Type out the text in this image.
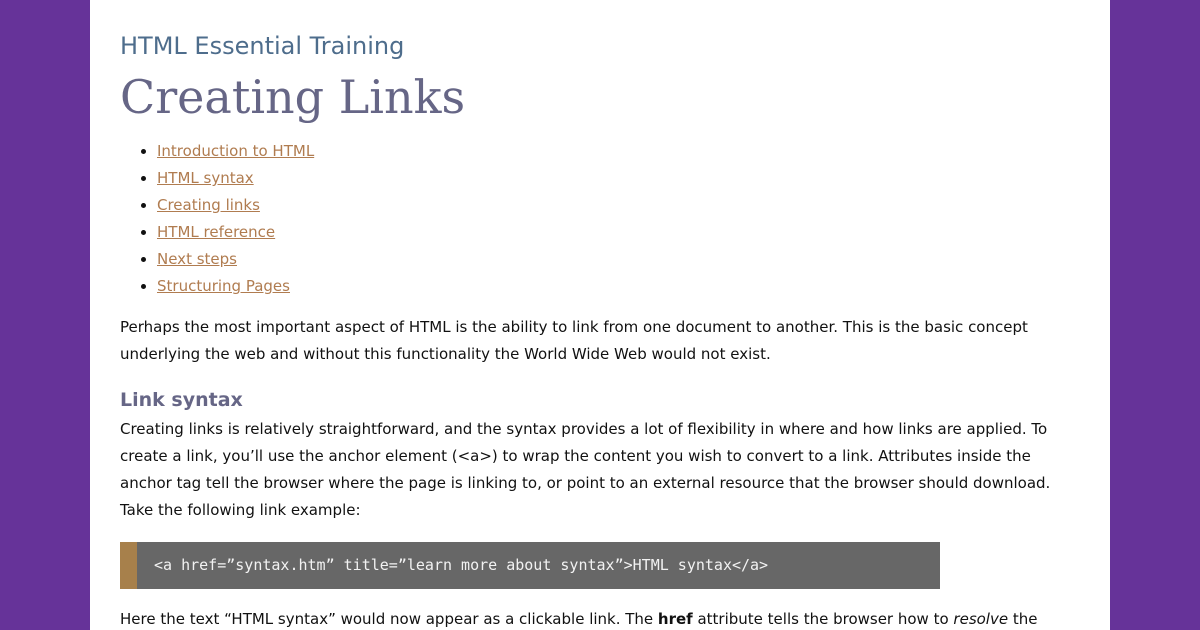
HTML Essential Training
Creating Links
• Introduction to HTML
• HTML syntax
• Creating links
• HTML reference
• Next steps
• Structuring Pages

Perhaps the most important aspect of HTML is the ability to link from one document to another. This is the basic concept underlying the web and without this functionality the World Wide Web would not exist.

Link syntax

Creating links is relatively straightforward, and the syntax provides a lot of flexibility in where and how links are applied. To create a link, you’ll use the anchor element (<a>) to wrap the content you wish to convert to a link. Attributes inside the anchor tag tell the browser where the page is linking to, or point to an external resource that the browser should download. Take the following link example:

<a href=”syntax.htm” title=”learn more about syntax”>HTML syntax</a>

Here the text “HTML syntax” would now appear as a clickable link. The href attribute tells the browser how to resolve the
